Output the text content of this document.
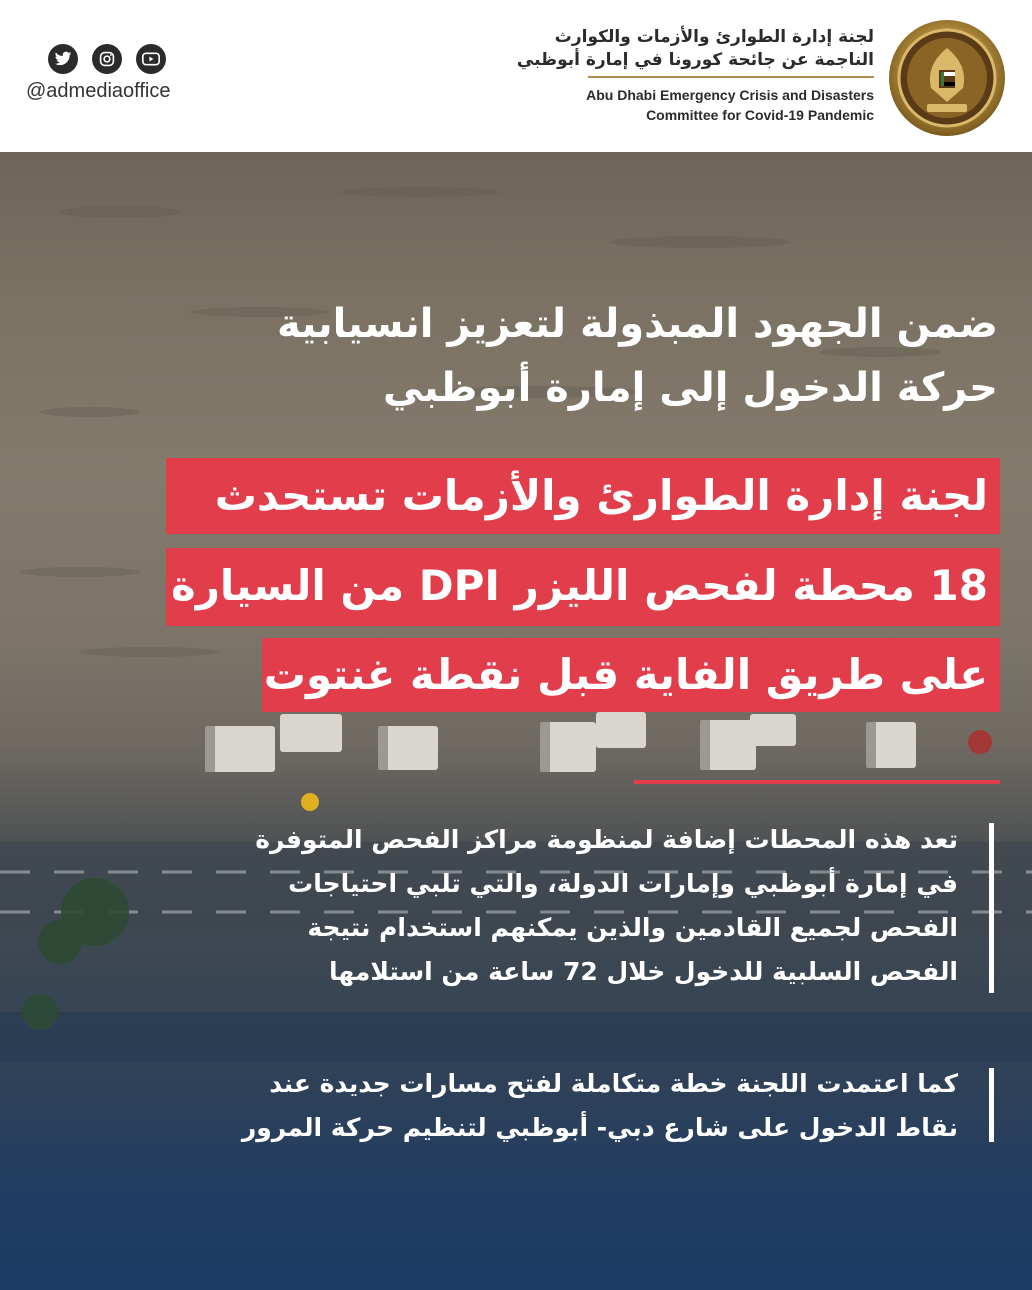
@admediaoffice
لجنة إدارة الطوارئ والأزمات والكوارث
الناجمة عن جائحة كورونا في إمارة أبوظبي
Abu Dhabi Emergency Crisis and Disasters
Committee for Covid-19 Pandemic
ضمن الجهود المبذولة لتعزيز انسيابية
حركة الدخول إلى إمارة أبوظبي
لجنة إدارة الطوارئ والأزمات تستحدث
18 محطة لفحص الليزر DPI من السيارة
على طريق الفاية قبل نقطة غنتوت
تعد هذه المحطات إضافة لمنظومة مراكز الفحص المتوفرة
في إمارة أبوظبي وإمارات الدولة، والتي تلبي احتياجات
الفحص لجميع القادمين والذين يمكنهم استخدام نتيجة
الفحص السلبية للدخول خلال 72 ساعة من استلامها
كما اعتمدت اللجنة خطة متكاملة لفتح مسارات جديدة عند
نقاط الدخول على شارع دبي- أبوظبي لتنظيم حركة المرور
